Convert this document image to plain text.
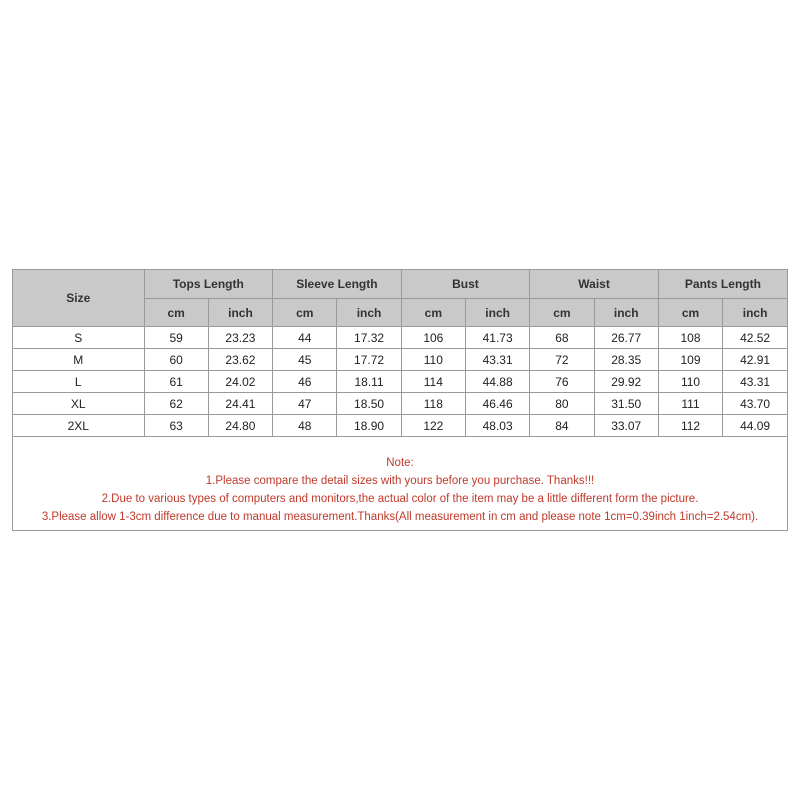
Size	Tops Length		Sleeve Length		Bust		Waist		Pants Length	
	cm	inch	cm	inch	cm	inch	cm	inch	cm	inch
S	59	23.23	44	17.32	106	41.73	68	26.77	108	42.52
M	60	23.62	45	17.72	110	43.31	72	28.35	109	42.91
L	61	24.02	46	18.11	114	44.88	76	29.92	110	43.31
XL	62	24.41	47	18.50	118	46.46	80	31.50	111	43.70
2XL	63	24.80	48	18.90	122	48.03	84	33.07	112	44.09
Note:
1.Please compare the detail sizes with yours before you purchase. Thanks!!!
2.Due to various types of computers and monitors,the actual color of the item may be a little different form the picture.
3.Please allow 1-3cm difference due to manual measurement.Thanks(All measurement in cm and please note 1cm=0.39inch 1inch=2.54cm).
